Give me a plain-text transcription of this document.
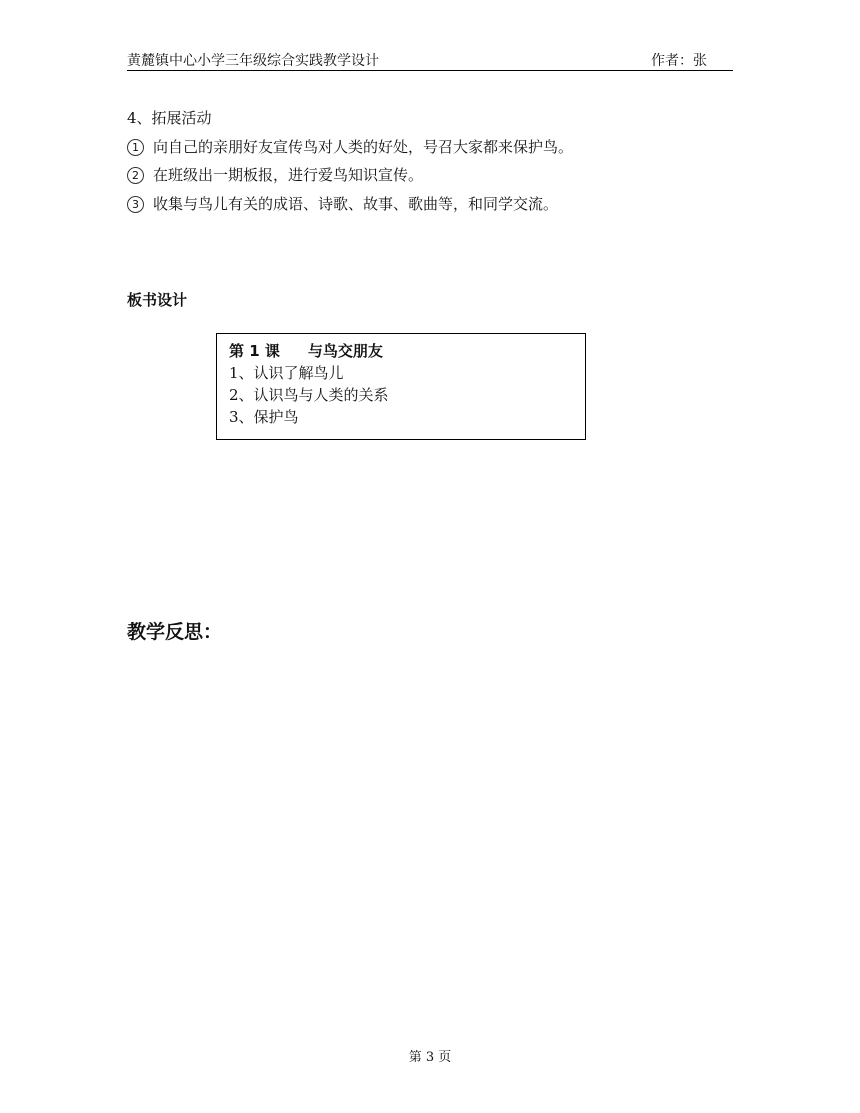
黄麓镇中心小学三年级综合实践教学设计	作者：张
4、拓展活动
1 向自己的亲朋好友宣传鸟对人类的好处，号召大家都来保护鸟。
2 在班级出一期板报，进行爱鸟知识宣传。
3 收集与鸟儿有关的成语、诗歌、故事、歌曲等，和同学交流。
板书设计
第 1 课 与鸟交朋友
1、认识了解鸟儿
2、认识鸟与人类的关系
3、保护鸟
教学反思：
第 3 页
